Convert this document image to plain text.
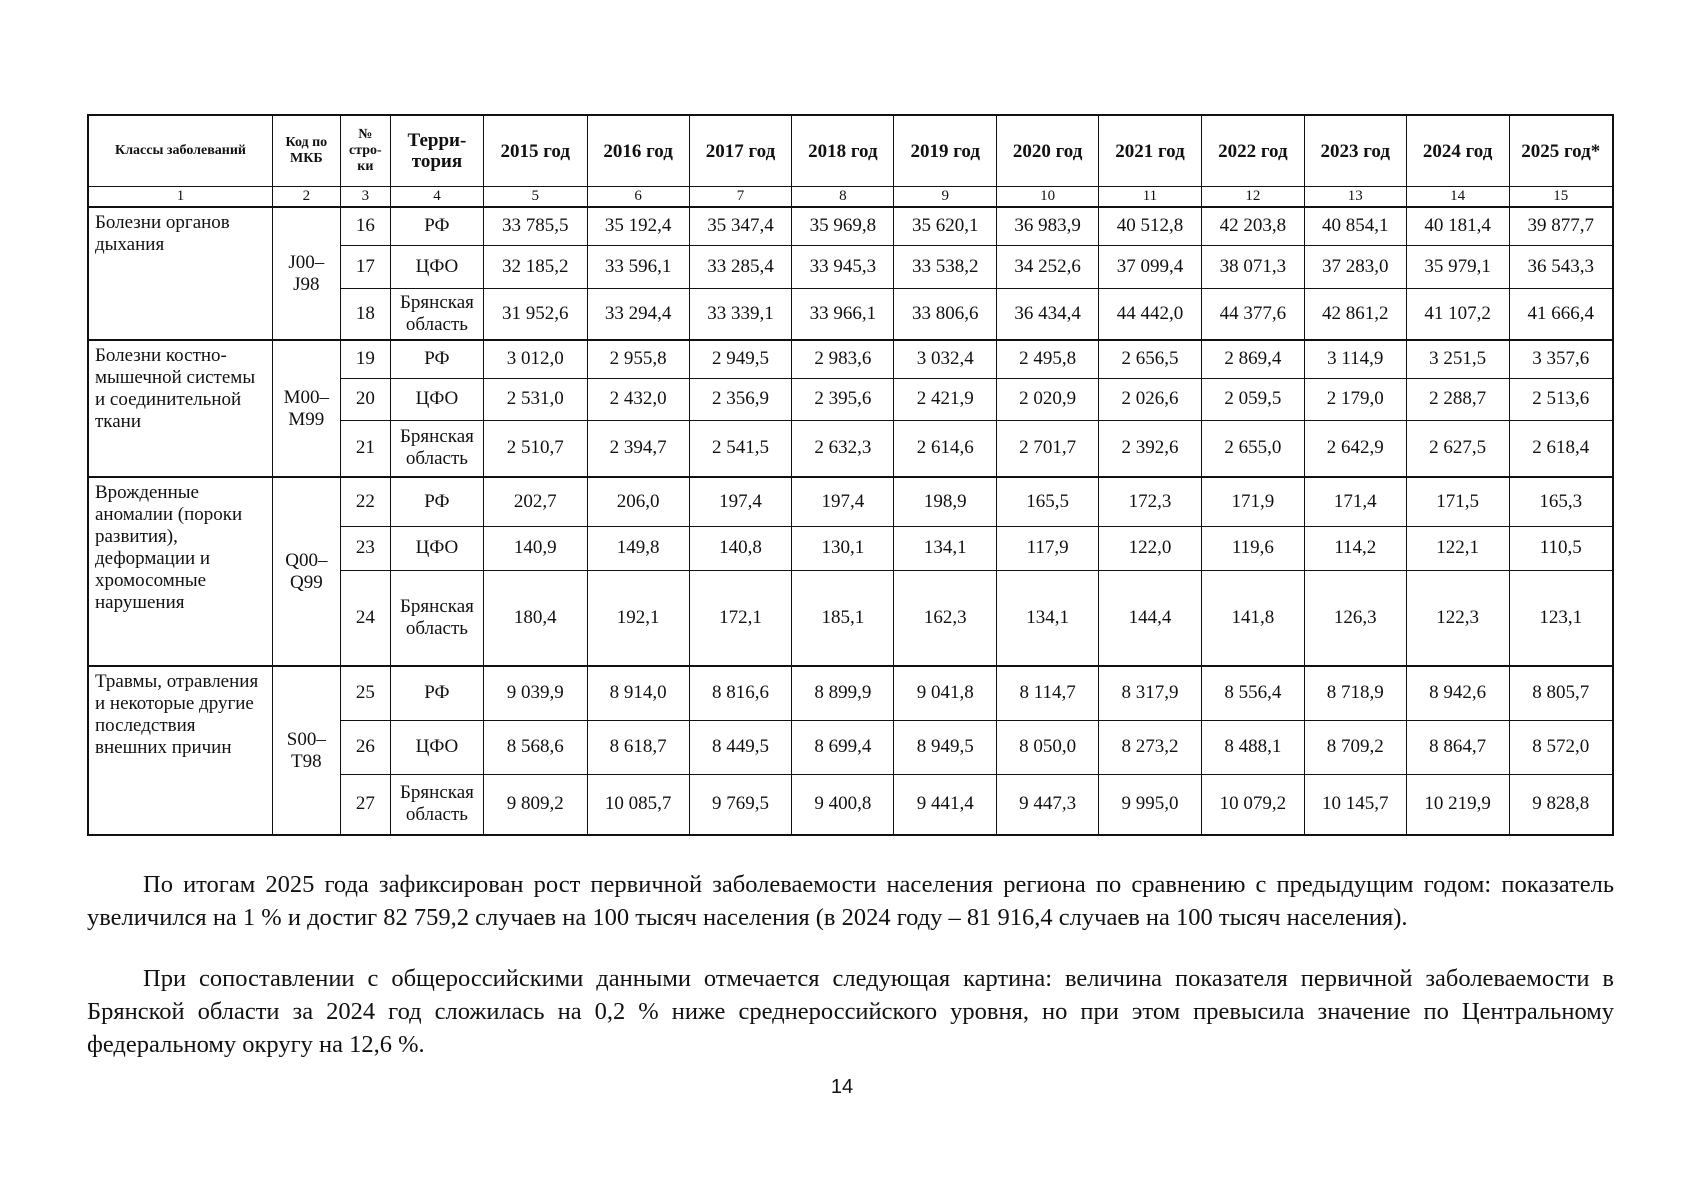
Классы заболеваний	Код по МКБ	№ стро- ки	Терри- тория	2015 год	2016 год	2017 год	2018 год	2019 год	2020 год	2021 год	2022 год	2023 год	2024 год	2025 год*
1	2	3	4	5	6	7	8	9	10	11	12	13	14	15
Болезни органов дыхания	J00– J98	16	РФ	33 785,5	35 192,4	35 347,4	35 969,8	35 620,1	36 983,9	40 512,8	42 203,8	40 854,1	40 181,4	39 877,7
		17	ЦФО	32 185,2	33 596,1	33 285,4	33 945,3	33 538,2	34 252,6	37 099,4	38 071,3	37 283,0	35 979,1	36 543,3
		18	Брянская область	31 952,6	33 294,4	33 339,1	33 966,1	33 806,6	36 434,4	44 442,0	44 377,6	42 861,2	41 107,2	41 666,4
Болезни костно-мышечной системы и соединительной ткани	M00– M99	19	РФ	3 012,0	2 955,8	2 949,5	2 983,6	3 032,4	2 495,8	2 656,5	2 869,4	3 114,9	3 251,5	3 357,6
		20	ЦФО	2 531,0	2 432,0	2 356,9	2 395,6	2 421,9	2 020,9	2 026,6	2 059,5	2 179,0	2 288,7	2 513,6
		21	Брянская область	2 510,7	2 394,7	2 541,5	2 632,3	2 614,6	2 701,7	2 392,6	2 655,0	2 642,9	2 627,5	2 618,4
Врожденные аномалии (пороки развития), деформации и хромосомные нарушения	Q00– Q99	22	РФ	202,7	206,0	197,4	197,4	198,9	165,5	172,3	171,9	171,4	171,5	165,3
		23	ЦФО	140,9	149,8	140,8	130,1	134,1	117,9	122,0	119,6	114,2	122,1	110,5
		24	Брянская область	180,4	192,1	172,1	185,1	162,3	134,1	144,4	141,8	126,3	122,3	123,1
Травмы, отравления и некоторые другие последствия внешних причин	S00– T98	25	РФ	9 039,9	8 914,0	8 816,6	8 899,9	9 041,8	8 114,7	8 317,9	8 556,4	8 718,9	8 942,6	8 805,7
		26	ЦФО	8 568,6	8 618,7	8 449,5	8 699,4	8 949,5	8 050,0	8 273,2	8 488,1	8 709,2	8 864,7	8 572,0
		27	Брянская область	9 809,2	10 085,7	9 769,5	9 400,8	9 441,4	9 447,3	9 995,0	10 079,2	10 145,7	10 219,9	9 828,8

По итогам 2025 года зафиксирован рост первичной заболеваемости населения региона по сравнению с предыдущим годом: показатель увеличился на 1 % и достиг 82 759,2 случаев на 100 тысяч населения (в 2024 году – 81 916,4 случаев на 100 тысяч населения).

При сопоставлении с общероссийскими данными отмечается следующая картина: величина показателя первичной заболеваемости в Брянской области за 2024 год сложилась на 0,2 % ниже среднероссийского уровня, но при этом превысила значение по Центральному федеральному округу на 12,6 %.

14
